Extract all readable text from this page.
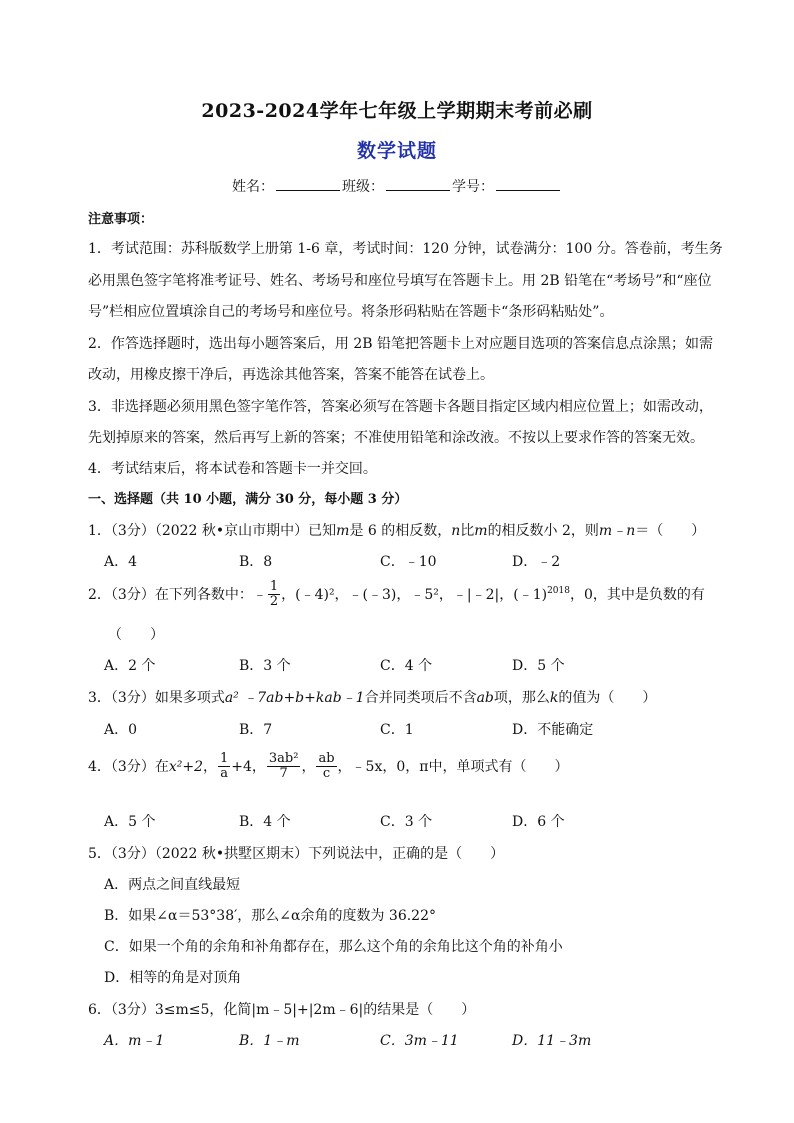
2023-2024学年七年级上学期期末考前必刷
数学试题
姓名：	班级：	学号：
注意事项：
1．考试范围：苏科版数学上册第 1-6 章，考试时间：120 分钟，试卷满分：100 分。答卷前，考生务
必用黑色签字笔将准考证号、姓名、考场号和座位号填写在答题卡上。用 2B 铅笔在“考场号”和“座位
号”栏相应位置填涂自己的考场号和座位号。将条形码粘贴在答题卡“条形码粘贴处”。
2．作答选择题时，选出每小题答案后，用 2B 铅笔把答题卡上对应题目选项的答案信息点涂黑；如需
改动，用橡皮擦干净后，再选涂其他答案，答案不能答在试卷上。
3．非选择题必须用黑色签字笔作答，答案必须写在答题卡各题目指定区域内相应位置上；如需改动，
先划掉原来的答案，然后再写上新的答案；不准使用铅笔和涂改液。不按以上要求作答的答案无效。
4．考试结束后，将本试卷和答题卡一并交回。
一、选择题（共 10 小题，满分 30 分，每小题 3 分）
1．（3分）（2022 秋•京山市期中）已知m是 6 的相反数，n比m的相反数小 2，则m﹣n＝（　　）
A．4	B．8	C．﹣10	D．﹣2
2．（3分）在下列各数中：﹣ $\frac{1}{2}$ ，(﹣4)²，﹣(﹣3)，﹣5²，﹣|﹣2|，(﹣1)$^{2018}$，0，其中是负数的有
（　　）
A．2 个	B．3 个	C．4 个	D．5 个
3．（3分）如果多项式a² ﹣7ab+b+kab﹣1合并同类项后不含ab项，那么k的值为（　　）
A．0	B．7	C．1	D．不能确定
4．（3分）在x²+2， $\frac{1}{a} +4$， $\frac{\text{3ab²}}{7}$ ， $\frac{ab}{c}$ ，﹣5x，0，π中，单项式有（　　）
A．5 个	B．4 个	C．3 个	D．6 个
5．（3分）（2022 秋•拱墅区期末）下列说法中，正确的是（　　）
A．两点之间直线最短
B．如果∠α＝53°38′，那么∠α余角的度数为 36.22°
C．如果一个角的余角和补角都存在，那么这个角的余角比这个角的补角小
D．相等的角是对顶角
6．（3分）3≤m≤5，化简|m﹣5|+|2m﹣6|的结果是（　　）
A．m﹣1	B．1﹣m	C．3m﹣11	D．11﹣3m
